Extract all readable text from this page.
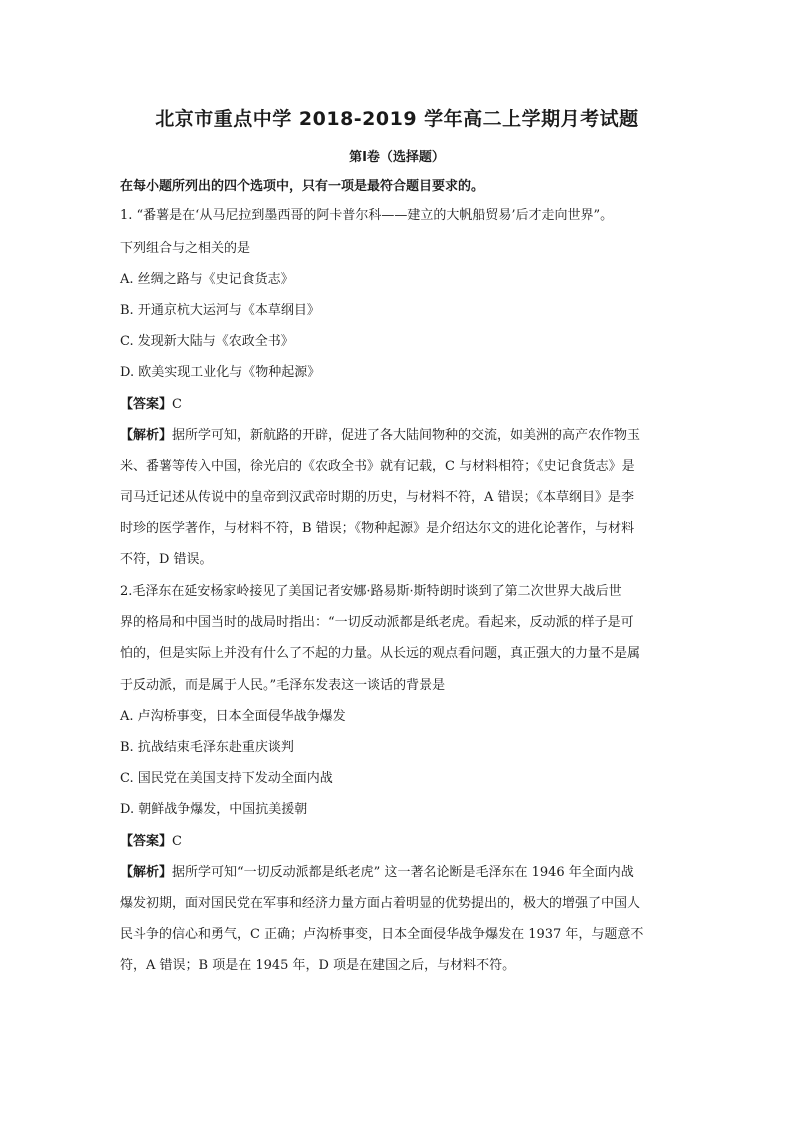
北京市重点中学 2018-2019 学年高二上学期月考试题
第Ⅰ卷（选择题）
在每小题所列出的四个选项中，只有一项是最符合题目要求的。
1. “番薯是在‘从马尼拉到墨西哥的阿卡普尔科——建立的大帆船贸易’后才走向世界”。
下列组合与之相关的是
A. 丝绸之路与《史记食货志》
B. 开通京杭大运河与《本草纲目》
C. 发现新大陆与《农政全书》
D. 欧美实现工业化与《物种起源》
【答案】C
【解析】据所学可知，新航路的开辟，促进了各大陆间物种的交流，如美洲的高产农作物玉
米、番薯等传入中国，徐光启的《农政全书》就有记载，C 与材料相符；《史记食货志》是
司马迁记述从传说中的皇帝到汉武帝时期的历史，与材料不符，A 错误；《本草纲目》是李
时珍的医学著作，与材料不符，B 错误；《物种起源》是介绍达尔文的进化论著作，与材料
不符，D 错误。
2.毛泽东在延安杨家岭接见了美国记者安娜·路易斯·斯特朗时谈到了第二次世界大战后世
界的格局和中国当时的战局时指出：“一切反动派都是纸老虎。看起来，反动派的样子是可
怕的，但是实际上并没有什么了不起的力量。从长远的观点看问题，真正强大的力量不是属
于反动派，而是属于人民。”毛泽东发表这一谈话的背景是
A. 卢沟桥事变，日本全面侵华战争爆发
B. 抗战结束毛泽东赴重庆谈判
C. 国民党在美国支持下发动全面内战
D. 朝鲜战争爆发，中国抗美援朝
【答案】C
【解析】据所学可知“一切反动派都是纸老虎” 这一著名论断是毛泽东在 1946 年全面内战
爆发初期，面对国民党在军事和经济力量方面占着明显的优势提出的，极大的增强了中国人
民斗争的信心和勇气，C 正确；卢沟桥事变，日本全面侵华战争爆发在 1937 年，与题意不
符，A 错误；B 项是在 1945 年，D 项是在建国之后，与材料不符。
